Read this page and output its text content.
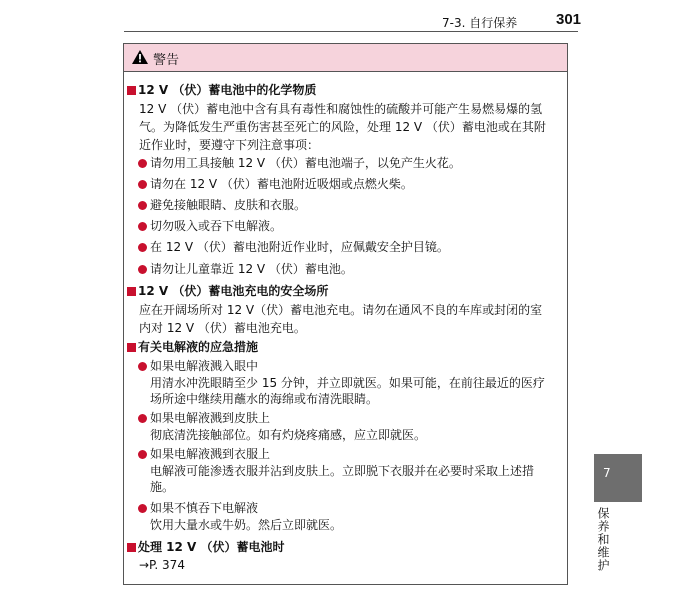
7-3. 自行保养	301
警告
12 V （伏）蓄电池中的化学物质
12 V （伏）蓄电池中含有具有毒性和腐蚀性的硫酸并可能产生易燃易爆的氢
气。为降低发生严重伤害甚至死亡的风险，处理 12 V （伏）蓄电池或在其附
近作业时，要遵守下列注意事项：
请勿用工具接触 12 V （伏）蓄电池端子，以免产生火花。
请勿在 12 V （伏）蓄电池附近吸烟或点燃火柴。
避免接触眼睛、皮肤和衣服。
切勿吸入或吞下电解液。
在 12 V （伏）蓄电池附近作业时，应佩戴安全护目镜。
请勿让儿童靠近 12 V （伏）蓄电池。
12 V （伏）蓄电池充电的安全场所
应在开阔场所对 12 V（伏）蓄电池充电。请勿在通风不良的车库或封闭的室
内对 12 V （伏）蓄电池充电。
有关电解液的应急措施
如果电解液溅入眼中
用清水冲洗眼睛至少 15 分钟，并立即就医。如果可能，在前往最近的医疗
场所途中继续用蘸水的海绵或布清洗眼睛。
如果电解液溅到皮肤上
彻底清洗接触部位。如有灼烧疼痛感，应立即就医。
如果电解液溅到衣服上
电解液可能渗透衣服并沾到皮肤上。立即脱下衣服并在必要时采取上述措
施。
如果不慎吞下电解液
饮用大量水或牛奶。然后立即就医。
处理 12 V （伏）蓄电池时
→P. 374
7
保养和维护
